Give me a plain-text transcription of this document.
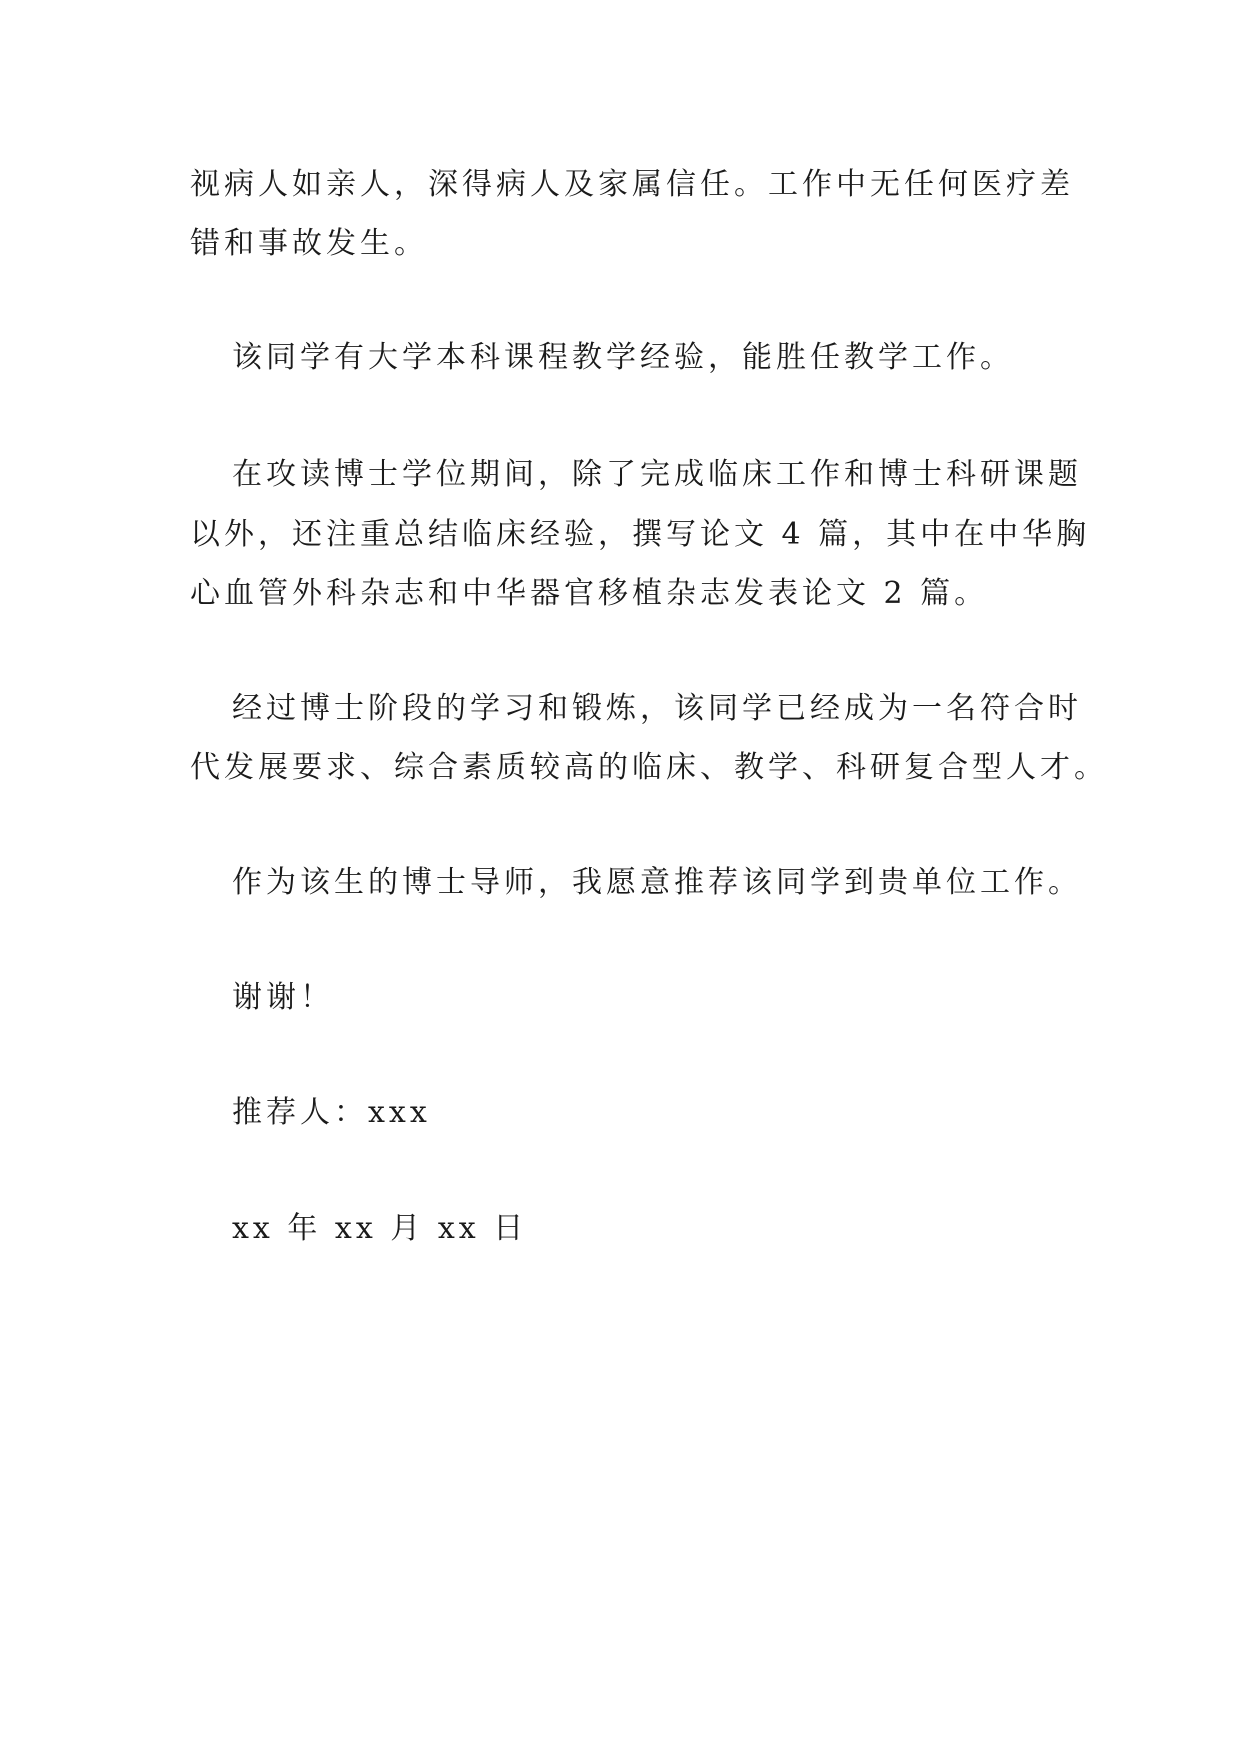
视病人如亲人，深得病人及家属信任。工作中无任何医疗差

错和事故发生。

该同学有大学本科课程教学经验，能胜任教学工作。

在攻读博士学位期间，除了完成临床工作和博士科研课题

以外，还注重总结临床经验，撰写论文 4 篇，其中在中华胸

心血管外科杂志和中华器官移植杂志发表论文 2 篇。

经过博士阶段的学习和锻炼，该同学已经成为一名符合时

代发展要求、综合素质较高的临床、教学、科研复合型人才。

作为该生的博士导师，我愿意推荐该同学到贵单位工作。

谢谢！

推荐人：xxx

xx 年 xx 月 xx 日
